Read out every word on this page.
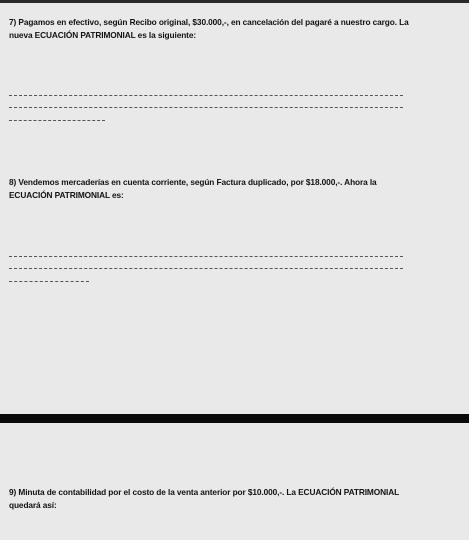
7) Pagamos en efectivo, según Recibo original, $30.000,-, en cancelación del pagaré a nuestro cargo. La nueva ECUACIÓN PATRIMONIAL es la siguiente:

8) Vendemos mercaderías en cuenta corriente, según Factura duplicado, por $18.000,-. Ahora la ECUACIÓN PATRIMONIAL es:

9) Minuta de contabilidad por el costo de la venta anterior por $10.000,-. La ECUACIÓN PATRIMONIAL quedará así:
